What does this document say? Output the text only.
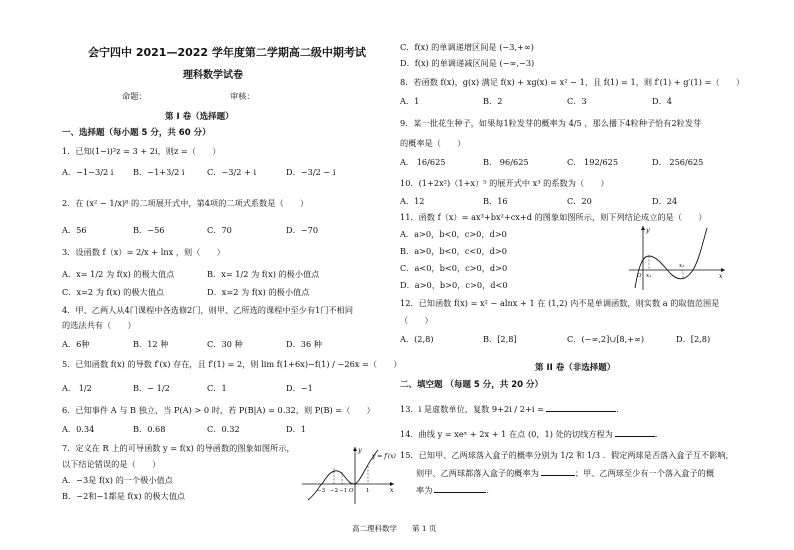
会宁四中 2021—2022 学年度第二学期高二级中期考试
理科数学试卷
命题：	审核：
第 I 卷（选择题）
一、选择题（每小题 5 分，共 60 分）
1．已知(1−i)²z = 3 + 2i，则z =（　　）
A．−1−3/2 i B．−1+3/2 i	C．−3/2 + i	D．−3/2 − i
2．在 (x² − 1/x)⁸ 的二项展开式中，第4项的二项式系数是（　　）
A．56	B．−56	C．70	D．−70
3．设函数 f（x）= 2/x + lnx ，则（　　）
A．x= 1/2 为 f(x) 的极大值点	B．x= 1/2 为 f(x) 的极小值点
C．x=2 为 f(x) 的极大值点	D．x=2 为 f(x) 的极小值点
4．甲、乙两人从4门课程中各选修2门，则甲、乙所选的课程中至少有1门不相同
的选法共有（　　）
A．6种	B．12 种	C．30 种	D．36 种
5．已知函数 f(x) 的导数 f′(x) 存在，且 f′(1) = 2，则 lim f(1+6x)−f(1) / −26x =（　　）
A． 1/2	B．− 1/2	C．1	D．−1
6．已知事件 A 与 B 独立，当 P(A) > 0 时，若 P(B|A) = 0.32，则 P(B) =（　　）
A．0.34	B．0.68	C．0.32	D．1
7．定义在 R 上的可导函数 y = f(x) 的导函数的图象如图所示，
以下结论错误的是（　　）
A．−3是 f(x) 的一个极小值点
B．−2和−1都是 f(x) 的极大值点
y
y = f′(x)
−3 −2 −1 O 1	x
C．f(x) 的单调递增区间是 (−3,+∞)
D．f(x) 的单调递减区间是 (−∞,−3)
8．若函数 f(x)，g(x) 满足 f(x) + xg(x) = x² − 1，且 f(1) = 1，则 f′(1) + g′(1) =（　　）
A．1	B．2	C．3	D．4
9．某一批花生种子，如果每1粒发芽的概率为 4/5 ，那么播下4粒种子恰有2粒发芽
的概率是（　　）
A． 16/625	B． 96/625	C． 192/625	D． 256/625
10．(1+2x²)（1+x）⁵ 的展开式中 x³ 的系数为（　　）
A．12	B．16	C．20	D．24
11．函数 f（x）= ax³+bx²+cx+d 的图象如图所示，则下列结论成立的是（　　）
A．a>0，b<0，c>0，d>0
B．a>0，b<0，c<0，d>0
C．a<0，b<0，c>0，d>0
D．a>0，b>0，c>0，d<0
y
O x₁
x₂
x
12．已知函数 f(x) = x² − alnx + 1 在 (1,2) 内不是单调函数，则实数 a 的取值范围是
（　　）
A．(2,8)	B．[2,8]	C．(−∞,2]∪[8,+∞)	D．[2,8)
第 II 卷（非选择题）
二、填空题 （每题 5 分，共 20 分）
13．i 是虚数单位，复数 9+2i / 2+i =	.
14．曲线 y = xeˣ + 2x + 1 在点 (0，1) 处的切线方程为	.
15．已知甲、乙两球落入盒子的概率分别为 1/2 和 1/3 ．假定两球是否落入盒子互不影响，
则甲、乙两球都落入盒子的概率为	；甲、乙两球至少有一个落入盒子的概
率为	.
高二理科数学　　第 1 页
